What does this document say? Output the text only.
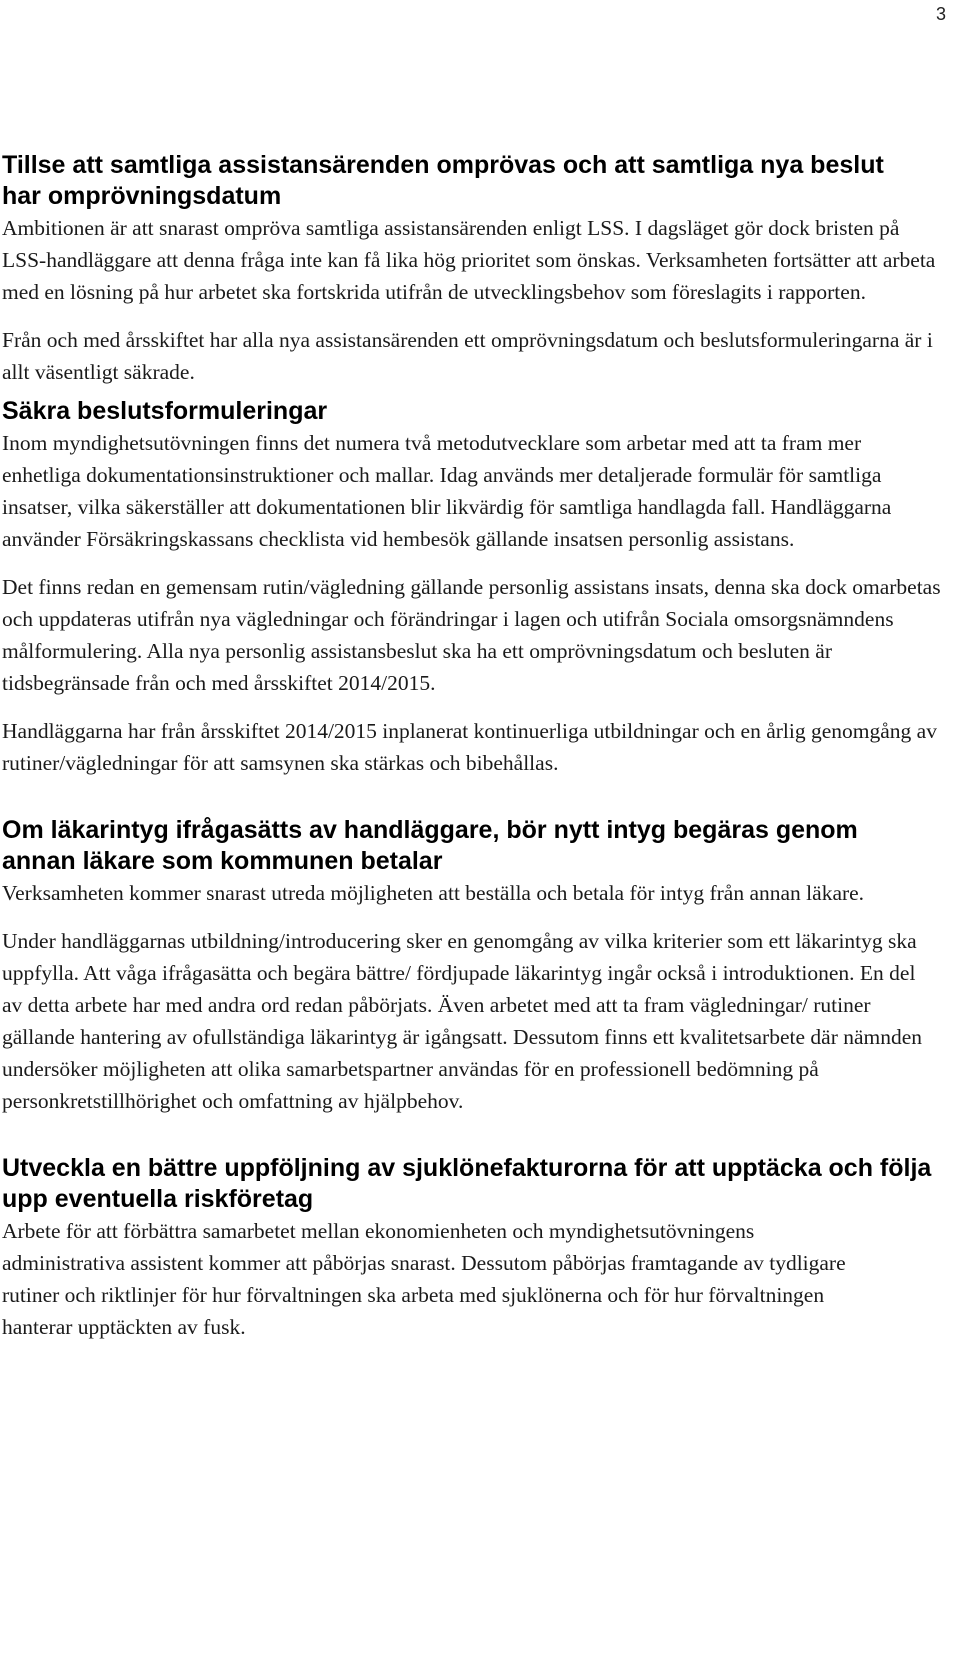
3
Tillse att samtliga assistansärenden omprövas och att samtliga nya beslut har omprövningsdatum

Ambitionen är att snarast ompröva samtliga assistansärenden enligt LSS. I dagsläget gör dock bristen på LSS-handläggare att denna fråga inte kan få lika hög prioritet som önskas. Verksamheten fortsätter att arbeta med en lösning på hur arbetet ska fortskrida utifrån de utvecklingsbehov som föreslagits i rapporten.

Från och med årsskiftet har alla nya assistansärenden ett omprövningsdatum och beslutsformuleringarna är i allt väsentligt säkrade.

Säkra beslutsformuleringar

Inom myndighetsutövningen finns det numera två metodutvecklare som arbetar med att ta fram mer enhetliga dokumentationsinstruktioner och mallar. Idag används mer detaljerade formulär för samtliga insatser, vilka säkerställer att dokumentationen blir likvärdig för samtliga handlagda fall. Handläggarna använder Försäkringskassans checklista vid hembesök gällande insatsen personlig assistans.

Det finns redan en gemensam rutin/vägledning gällande personlig assistans insats, denna ska dock omarbetas och uppdateras utifrån nya vägledningar och förändringar i lagen och utifrån Sociala omsorgsnämndens målformulering. Alla nya personlig assistansbeslut ska ha ett omprövningsdatum och besluten är tidsbegränsade från och med årsskiftet 2014/2015.

Handläggarna har från årsskiftet 2014/2015 inplanerat kontinuerliga utbildningar och en årlig genomgång av rutiner/vägledningar för att samsynen ska stärkas och bibehållas.

Om läkarintyg ifrågasätts av handläggare, bör nytt intyg begäras genom annan läkare som kommunen betalar

Verksamheten kommer snarast utreda möjligheten att beställa och betala för intyg från annan läkare.

Under handläggarnas utbildning/introducering sker en genomgång av vilka kriterier som ett läkarintyg ska uppfylla. Att våga ifrågasätta och begära bättre/ fördjupade läkarintyg ingår också i introduktionen. En del av detta arbete har med andra ord redan påbörjats. Även arbetet med att ta fram vägledningar/ rutiner gällande hantering av ofullständiga läkarintyg är igångsatt. Dessutom finns ett kvalitetsarbete där nämnden undersöker möjligheten att olika samarbetspartner användas för en professionell bedömning på personkretstillhörighet och omfattning av hjälpbehov.

Utveckla en bättre uppföljning av sjuklönefakturorna för att upptäcka och följa upp eventuella riskföretag

Arbete för att förbättra samarbetet mellan ekonomienheten och myndighetsutövningens administrativa assistent kommer att påbörjas snarast. Dessutom påbörjas framtagande av tydligare rutiner och riktlinjer för hur förvaltningen ska arbeta med sjuklönerna och för hur förvaltningen hanterar upptäckten av fusk.
